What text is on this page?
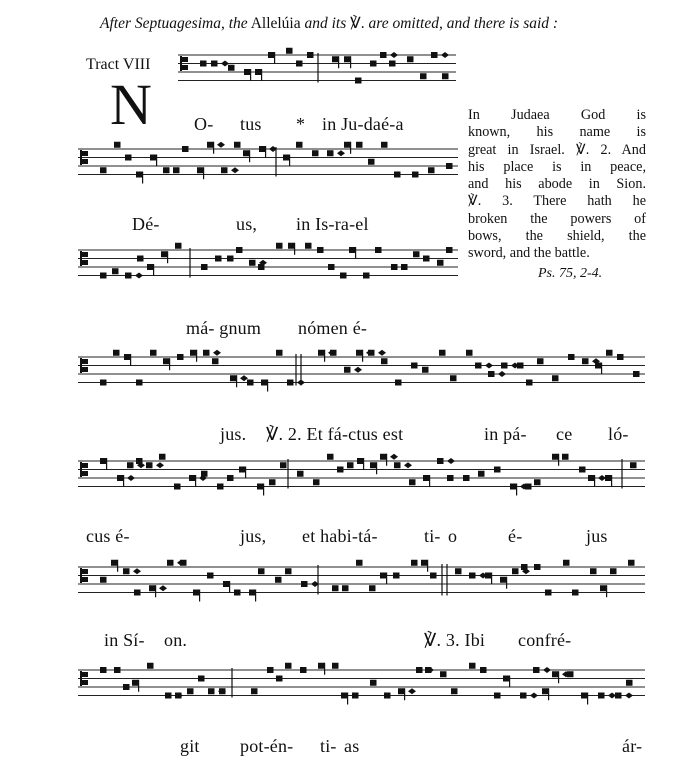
After Septuagesima, the Allelúia and its ℣. are omitted, and there is said :
Tract VIII
N O- tus * in Ju-daé-a
Dé-	us, in Is-ra-el
má- gnum nómen é-
jus. ℣. 2. Et fá-ctus est	in pá- ce ló-
cus é-	jus, et habi-tá-	ti- o	é-	jus
in Sí- on.	℣. 3. Ibi confré-
git pot-én- ti- as	ár-
In Judaea God is
known, his name is
great in Israel. ℣. 2. And
his place is in peace,
and his abode in Sion.
℣. 3. There hath he
broken the powers of
bows, the shield, the
sword, and the battle.
Ps. 75, 2-4.
